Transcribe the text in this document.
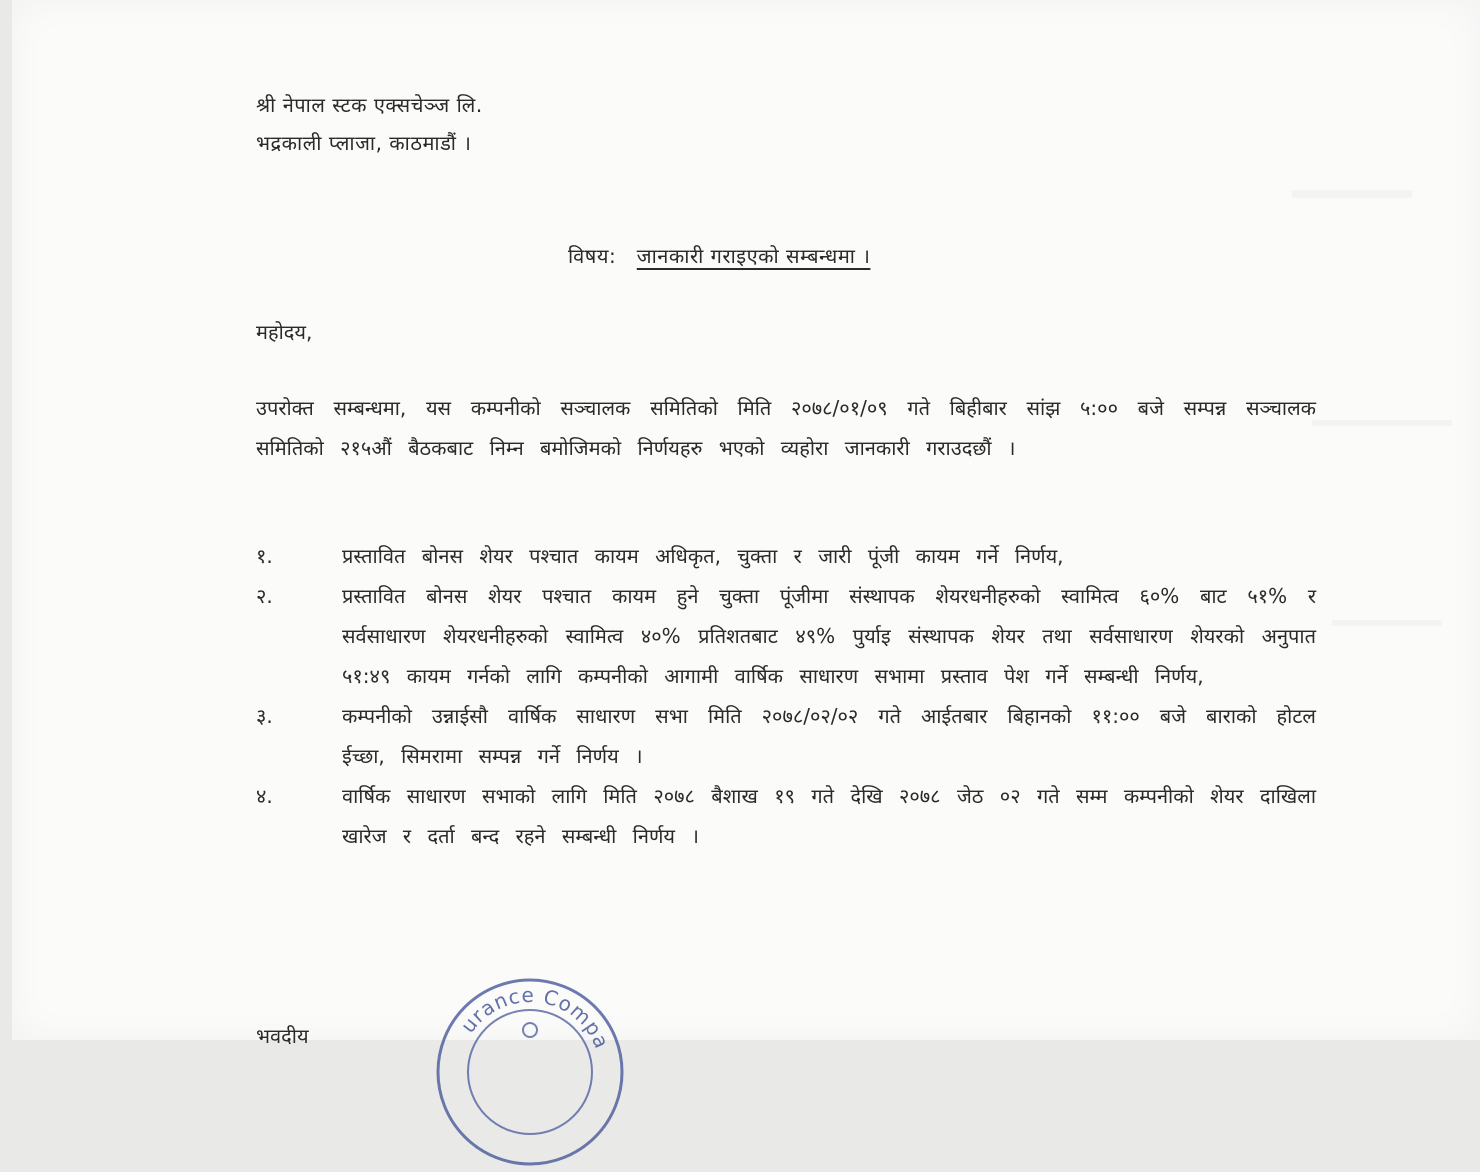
श्री नेपाल स्टक एक्सचेञ्ज लि.
भद्रकाली प्लाजा, काठमाडौं ।
विषय: जानकारी गराइएको सम्बन्धमा ।
महोदय,
उपरोक्त सम्बन्धमा, यस कम्पनीको सञ्चालक समितिको मिति २०७८/०१/०९ गते बिहीबार सांझ ५:०० बजे सम्पन्न सञ्चालक समितिको २१५औं बैठकबाट निम्न बमोजिमको निर्णयहरु भएको व्यहोरा जानकारी गराउदछौं ।
१.	प्रस्तावित बोनस शेयर पश्चात कायम अधिकृत, चुक्ता र जारी पूंजी कायम गर्ने निर्णय,
२.	प्रस्तावित बोनस शेयर पश्चात कायम हुने चुक्ता पूंजीमा संस्थापक शेयरधनीहरुको स्वामित्व ६०% बाट ५१% र सर्वसाधारण शेयरधनीहरुको स्वामित्व ४०% प्रतिशतबाट ४९% पुर्याइ संस्थापक शेयर तथा सर्वसाधारण शेयरको अनुपात ५१:४९ कायम गर्नको लागि कम्पनीको आगामी वार्षिक साधारण सभामा प्रस्ताव पेश गर्ने सम्बन्धी निर्णय,
३.	कम्पनीको उन्नाईसौ वार्षिक साधारण सभा मिति २०७८/०२/०२ गते आईतबार बिहानको ११:०० बजे बाराको होटल ईच्छा, सिमरामा सम्पन्न गर्ने निर्णय ।
४.	वार्षिक साधारण सभाको लागि मिति २०७८ बैशाख १९ गते देखि २०७८ जेठ ०२ गते सम्म कम्पनीको शेयर दाखिला खारेज र दर्ता बन्द रहने सम्बन्धी निर्णय ।
भवदीय	urance Compa
